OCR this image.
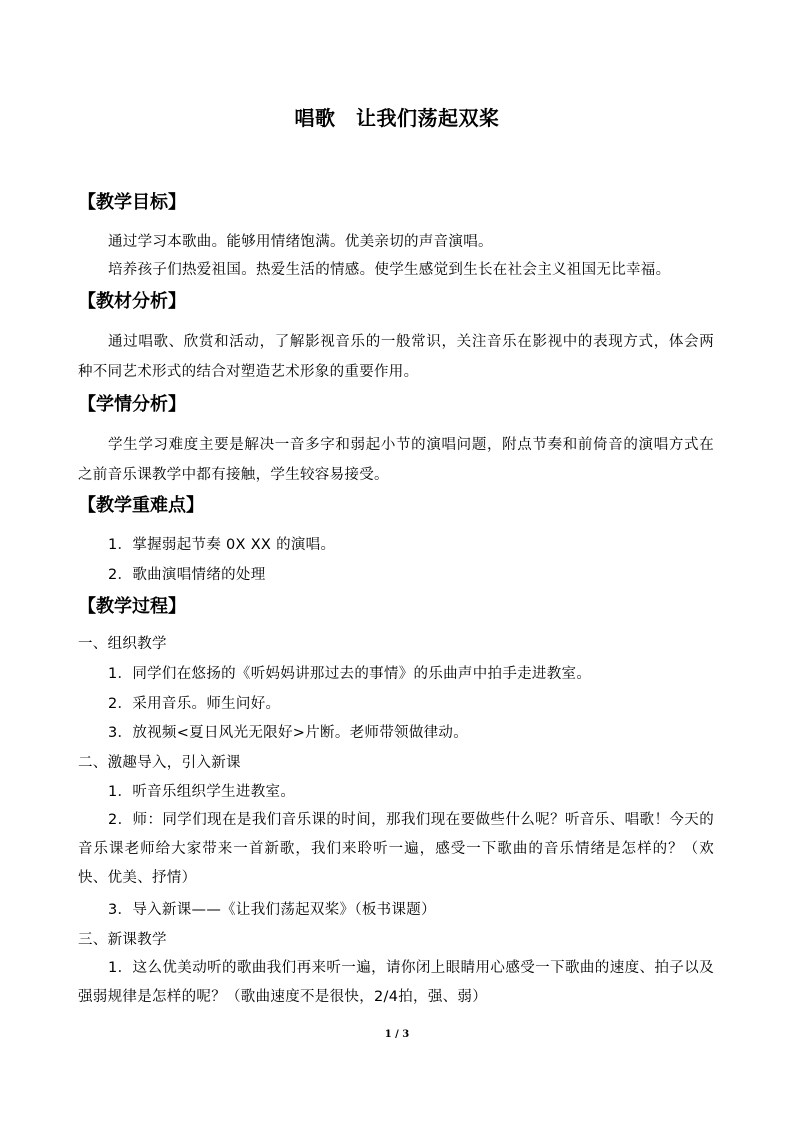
唱歌　让我们荡起双桨
【教学目标】
通过学习本歌曲。能够用情绪饱满。优美亲切的声音演唱。
培养孩子们热爱祖国。热爱生活的情感。使学生感觉到生长在社会主义祖国无比幸福。
【教材分析】
通过唱歌、欣赏和活动，了解影视音乐的一般常识，关注音乐在影视中的表现方式，体会两种不同艺术形式的结合对塑造艺术形象的重要作用。
【学情分析】
学生学习难度主要是解决一音多字和弱起小节的演唱问题，附点节奏和前倚音的演唱方式在之前音乐课教学中都有接触，学生较容易接受。
【教学重难点】
1．掌握弱起节奏 0X XX 的演唱。
2．歌曲演唱情绪的处理
【教学过程】
一、组织教学
1．同学们在悠扬的《听妈妈讲那过去的事情》的乐曲声中拍手走进教室。
2．采用音乐。师生问好。
3．放视频<夏日风光无限好>片断。老师带领做律动。
二、激趣导入，引入新课
1．听音乐组织学生进教室。
2．师：同学们现在是我们音乐课的时间，那我们现在要做些什么呢？听音乐、唱歌！今天的音乐课老师给大家带来一首新歌，我们来聆听一遍，感受一下歌曲的音乐情绪是怎样的？（欢快、优美、抒情）
3．导入新课——《让我们荡起双桨》（板书课题）
三、新课教学
1．这么优美动听的歌曲我们再来听一遍，请你闭上眼睛用心感受一下歌曲的速度、拍子以及强弱规律是怎样的呢？（歌曲速度不是很快，2/4拍，强、弱）
1 / 3
